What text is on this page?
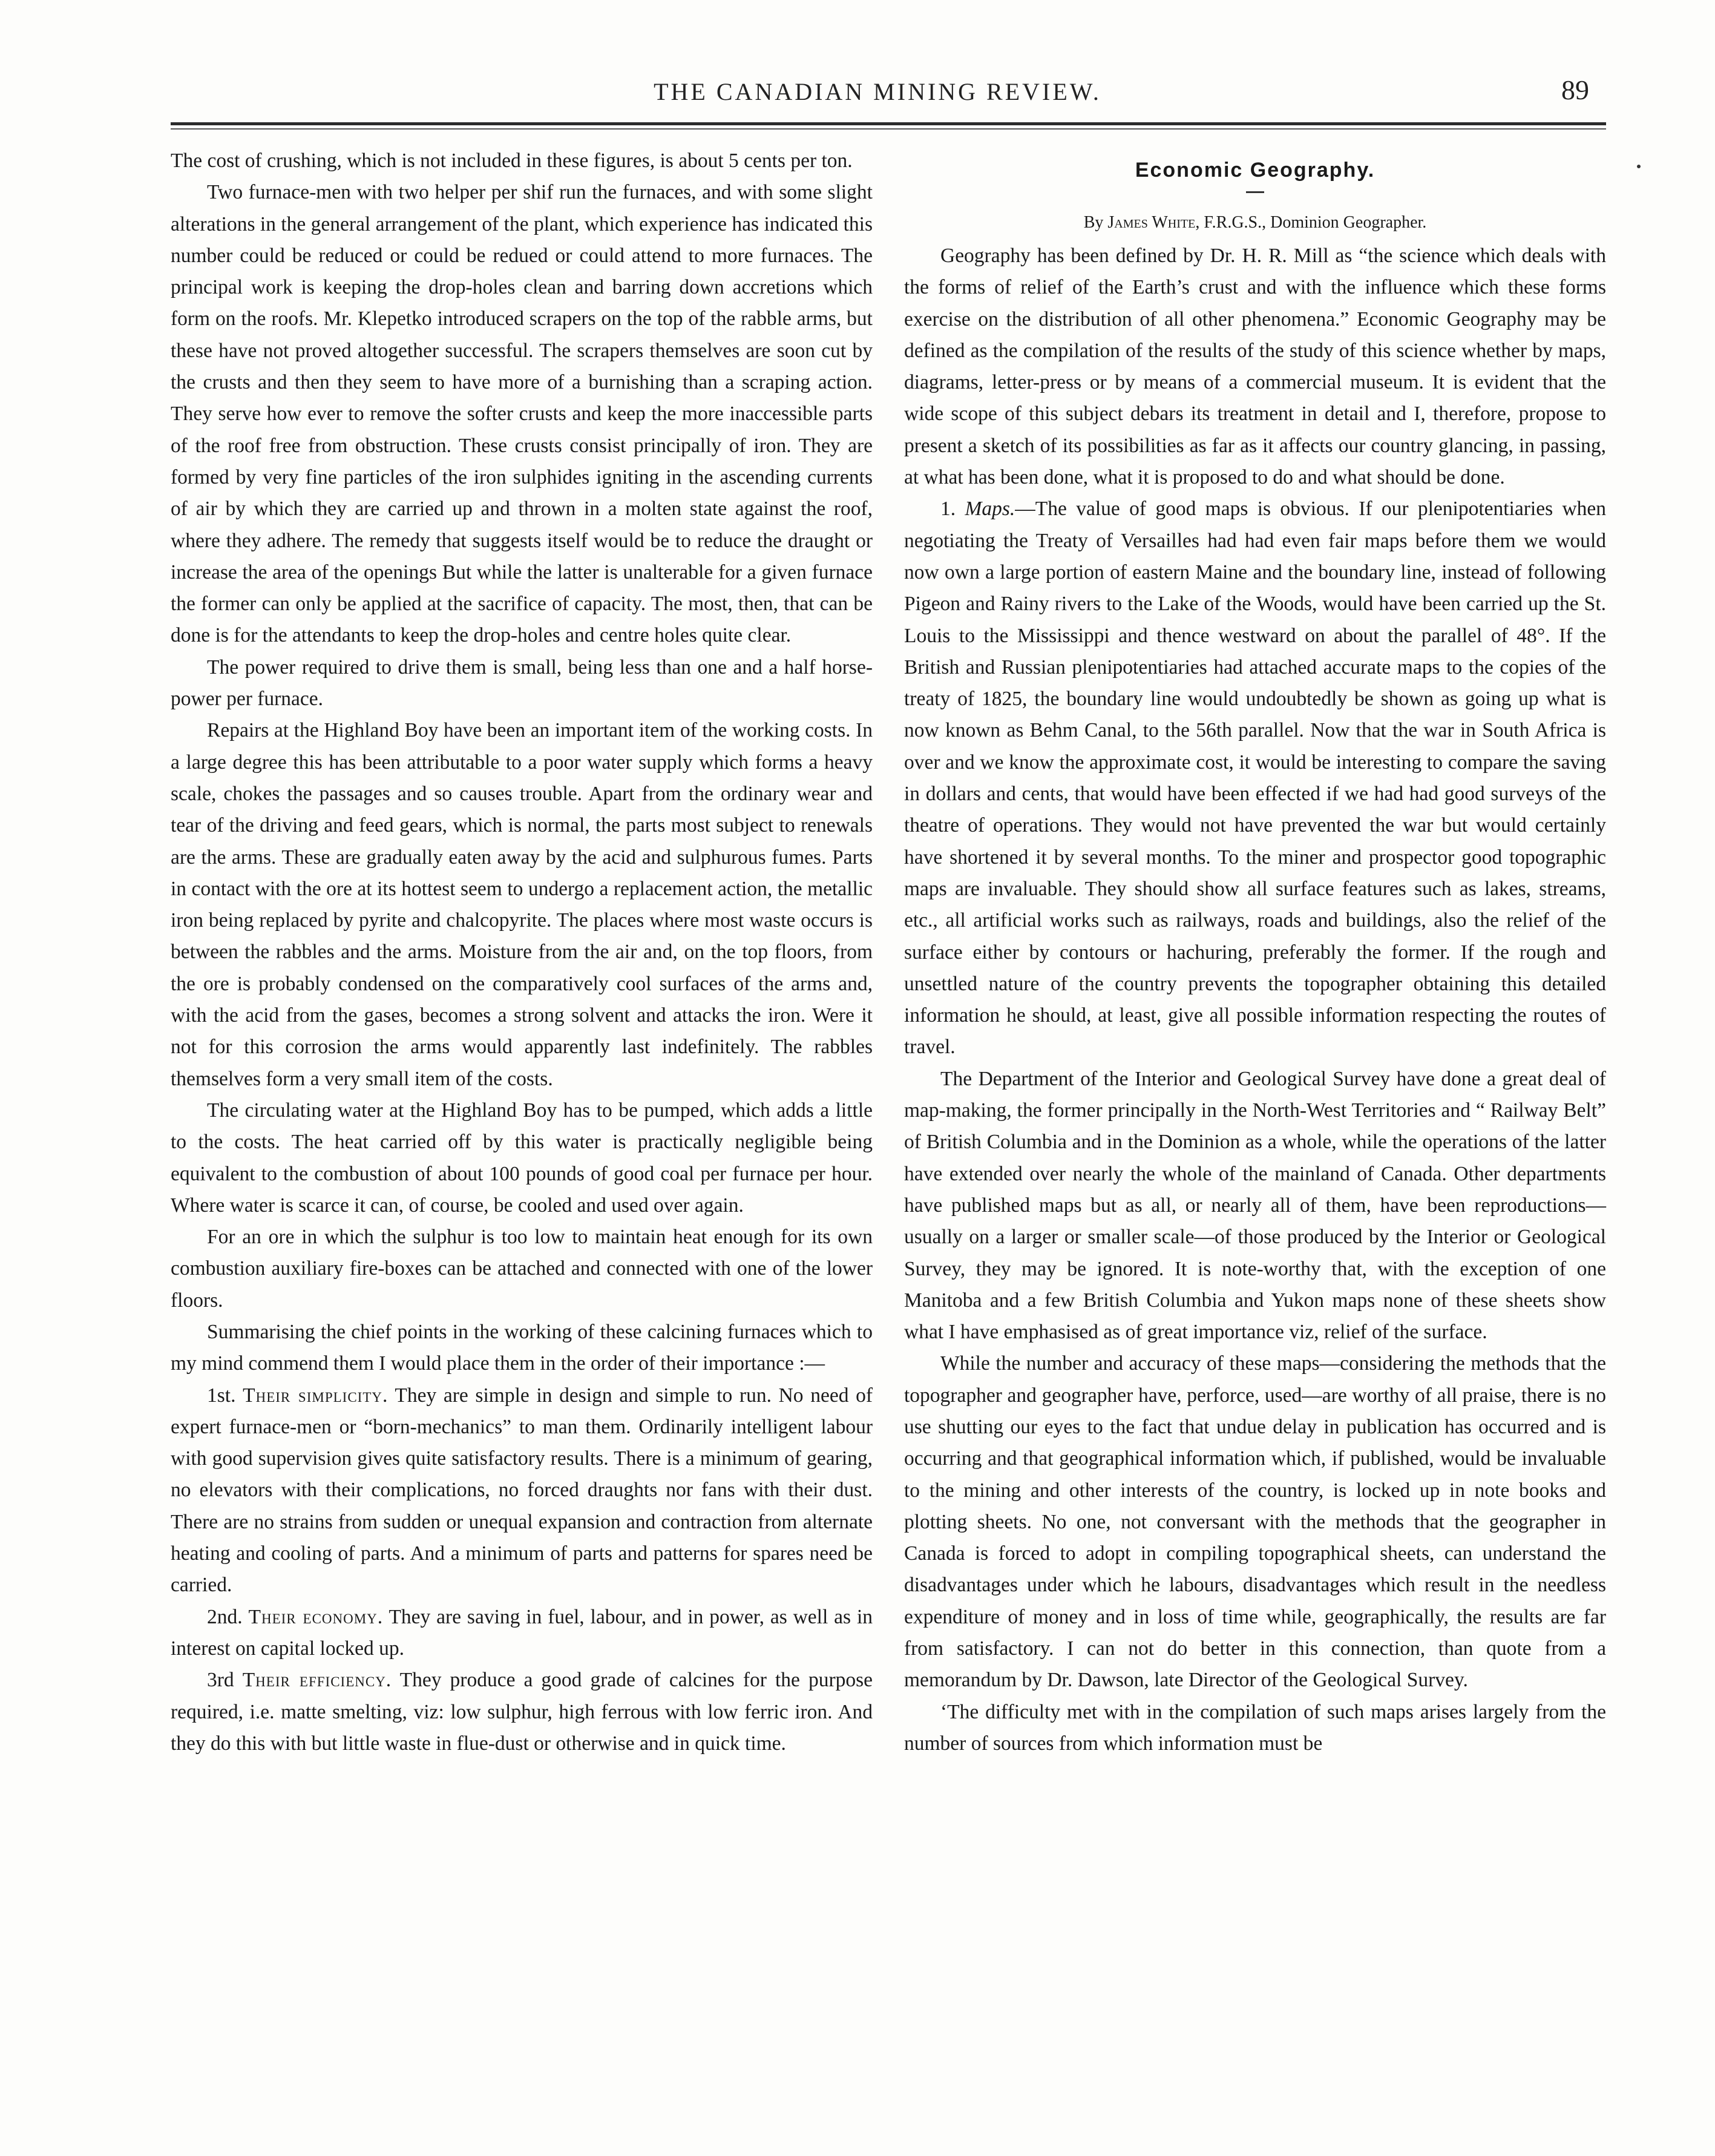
THE CANADIAN MINING REVIEW.	89

The cost of crushing, which is not included in these figures, is about 5 cents per ton.

Two furnace-men with two helper per shif run the furnaces, and with some slight alterations in the general arrangement of the plant, which experience has indicated this number could be reduced or could be redued or could attend to more furnaces. The principal work is keeping the drop-holes clean and barring down accretions which form on the roofs. Mr. Klepetko introduced scrapers on the top of the rabble arms, but these have not proved altogether successful. The scrapers themselves are soon cut by the crusts and then they seem to have more of a burnishing than a scraping action. They serve how ever to remove the softer crusts and keep the more inaccessible parts of the roof free from obstruction. These crusts consist principally of iron. They are formed by very fine particles of the iron sulphides igniting in the ascending currents of air by which they are carried up and thrown in a molten state against the roof, where they adhere. The remedy that suggests itself would be to reduce the draught or increase the area of the openings But while the latter is unalterable for a given furnace the former can only be applied at the sacrifice of capacity. The most, then, that can be done is for the attendants to keep the drop-holes and centre holes quite clear.

The power required to drive them is small, being less than one and a half horse-power per furnace.

Repairs at the Highland Boy have been an important item of the working costs. In a large degree this has been attributable to a poor water supply which forms a heavy scale, chokes the passages and so causes trouble. Apart from the ordinary wear and tear of the driving and feed gears, which is normal, the parts most subject to renewals are the arms. These are gradually eaten away by the acid and sulphurous fumes. Parts in contact with the ore at its hottest seem to undergo a replacement action, the metallic iron being replaced by pyrite and chalcopyrite. The places where most waste occurs is between the rabbles and the arms. Moisture from the air and, on the top floors, from the ore is probably condensed on the comparatively cool surfaces of the arms and, with the acid from the gases, becomes a strong solvent and attacks the iron. Were it not for this corrosion the arms would apparently last indefinitely. The rabbles themselves form a very small item of the costs.

The circulating water at the Highland Boy has to be pumped, which adds a little to the costs. The heat carried off by this water is practically negligible being equivalent to the combustion of about 100 pounds of good coal per furnace per hour. Where water is scarce it can, of course, be cooled and used over again.

For an ore in which the sulphur is too low to maintain heat enough for its own combustion auxiliary fire-boxes can be attached and connected with one of the lower floors.

Summarising the chief points in the working of these calcining furnaces which to my mind commend them I would place them in the order of their importance :—

1st. Their simplicity. They are simple in design and simple to run. No need of expert furnace-men or “born-mechanics” to man them. Ordinarily intelligent labour with good supervision gives quite satisfactory results. There is a minimum of gearing, no elevators with their complications, no forced draughts nor fans with their dust. There are no strains from sudden or unequal expansion and contraction from alternate heating and cooling of parts. And a minimum of parts and patterns for spares need be carried.

2nd. Their economy. They are saving in fuel, labour, and in power, as well as in interest on capital locked up.

3rd Their efficiency. They produce a good grade of calcines for the purpose required, i.e. matte smelting, viz: low sulphur, high ferrous with low ferric iron. And they do this with but little waste in flue-dust or otherwise and in quick time.

Economic Geography.
By James White, F.R.G.S., Dominion Geographer.

Geography has been defined by Dr. H. R. Mill as “the science which deals with the forms of relief of the Earth’s crust and with the influence which these forms exercise on the distribution of all other phenomena.” Economic Geography may be defined as the compilation of the results of the study of this science whether by maps, diagrams, letter-press or by means of a commercial museum. It is evident that the wide scope of this subject debars its treatment in detail and I, therefore, propose to present a sketch of its possibilities as far as it affects our country glancing, in passing, at what has been done, what it is proposed to do and what should be done.

1. Maps.—The value of good maps is obvious. If our plenipotentiaries when negotiating the Treaty of Versailles had had even fair maps before them we would now own a large portion of eastern Maine and the boundary line, instead of following Pigeon and Rainy rivers to the Lake of the Woods, would have been carried up the St. Louis to the Mississippi and thence westward on about the parallel of 48°. If the British and Russian plenipotentiaries had attached accurate maps to the copies of the treaty of 1825, the boundary line would undoubtedly be shown as going up what is now known as Behm Canal, to the 56th parallel. Now that the war in South Africa is over and we know the approximate cost, it would be interesting to compare the saving in dollars and cents, that would have been effected if we had had good surveys of the theatre of operations. They would not have prevented the war but would certainly have shortened it by several months. To the miner and prospector good topographic maps are invaluable. They should show all surface features such as lakes, streams, etc., all artificial works such as railways, roads and buildings, also the relief of the surface either by contours or hachuring, preferably the former. If the rough and unsettled nature of the country prevents the topographer obtaining this detailed information he should, at least, give all possible information respecting the routes of travel.

The Department of the Interior and Geological Survey have done a great deal of map-making, the former principally in the North-West Territories and “ Railway Belt” of British Columbia and in the Dominion as a whole, while the operations of the latter have extended over nearly the whole of the mainland of Canada. Other departments have published maps but as all, or nearly all of them, have been reproductions—usually on a larger or smaller scale—of those produced by the Interior or Geological Survey, they may be ignored. It is note-worthy that, with the exception of one Manitoba and a few British Columbia and Yukon maps none of these sheets show what I have emphasised as of great importance viz, relief of the surface.

While the number and accuracy of these maps—considering the methods that the topographer and geographer have, perforce, used—are worthy of all praise, there is no use shutting our eyes to the fact that undue delay in publication has occurred and is occurring and that geographical information which, if published, would be invaluable to the mining and other interests of the country, is locked up in note books and plotting sheets. No one, not conversant with the methods that the geographer in Canada is forced to adopt in compiling topographical sheets, can understand the disadvantages under which he labours, disadvantages which result in the needless expenditure of money and in loss of time while, geographically, the results are far from satisfactory. I can not do better in this connection, than quote from a memorandum by Dr. Dawson, late Director of the Geological Survey.

‘The difficulty met with in the compilation of such maps arises largely from the number of sources from which information must be
